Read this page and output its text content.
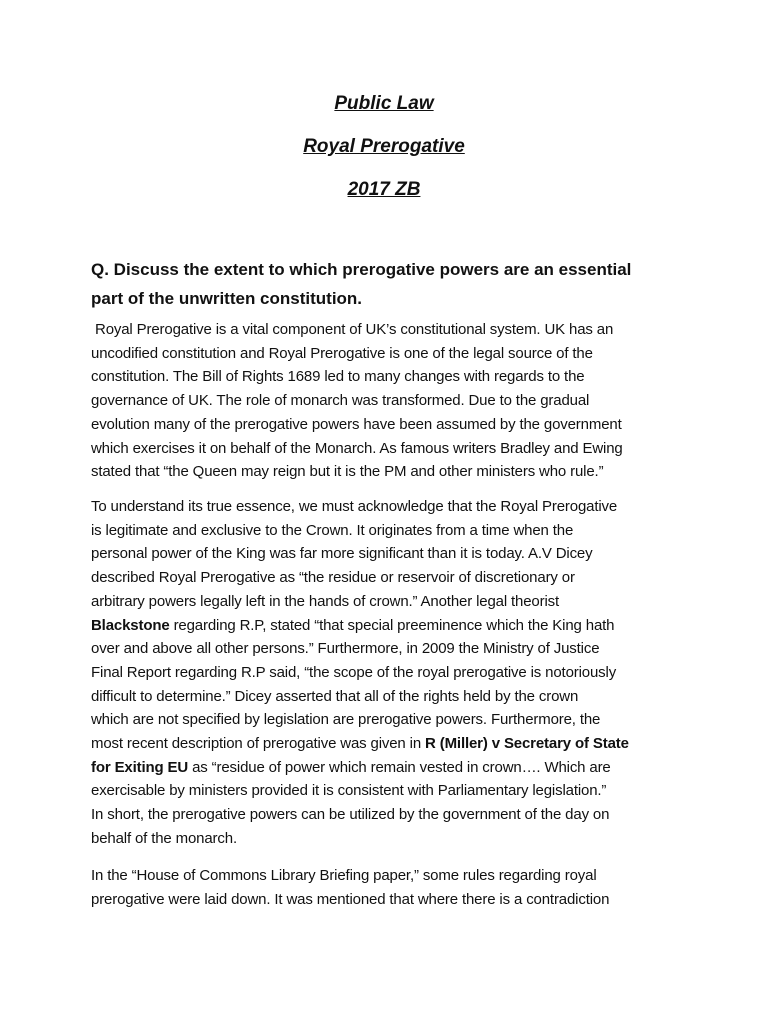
Public Law
Royal Prerogative
2017 ZB
Q. Discuss the extent to which prerogative powers are an essential
part of the unwritten constitution.
Royal Prerogative is a vital component of UK’s constitutional system. UK has an
uncodified constitution and Royal Prerogative is one of the legal source of the
constitution. The Bill of Rights 1689 led to many changes with regards to the
governance of UK. The role of monarch was transformed. Due to the gradual
evolution many of the prerogative powers have been assumed by the government
which exercises it on behalf of the Monarch. As famous writers Bradley and Ewing
stated that “the Queen may reign but it is the PM and other ministers who rule.”
To understand its true essence, we must acknowledge that the Royal Prerogative
is legitimate and exclusive to the Crown. It originates from a time when the
personal power of the King was far more significant than it is today. A.V Dicey
described Royal Prerogative as “the residue or reservoir of discretionary or
arbitrary powers legally left in the hands of crown.” Another legal theorist
Blackstone regarding R.P, stated “that special preeminence which the King hath
over and above all other persons.” Furthermore, in 2009 the Ministry of Justice
Final Report regarding R.P said, “the scope of the royal prerogative is notoriously
difficult to determine.” Dicey asserted that all of the rights held by the crown
which are not specified by legislation are prerogative powers. Furthermore, the
most recent description of prerogative was given in R (Miller) v Secretary of State
for Exiting EU as “residue of power which remain vested in crown…. Which are
exercisable by ministers provided it is consistent with Parliamentary legislation.”
In short, the prerogative powers can be utilized by the government of the day on
behalf of the monarch.
In the “House of Commons Library Briefing paper,” some rules regarding royal
prerogative were laid down. It was mentioned that where there is a contradiction
